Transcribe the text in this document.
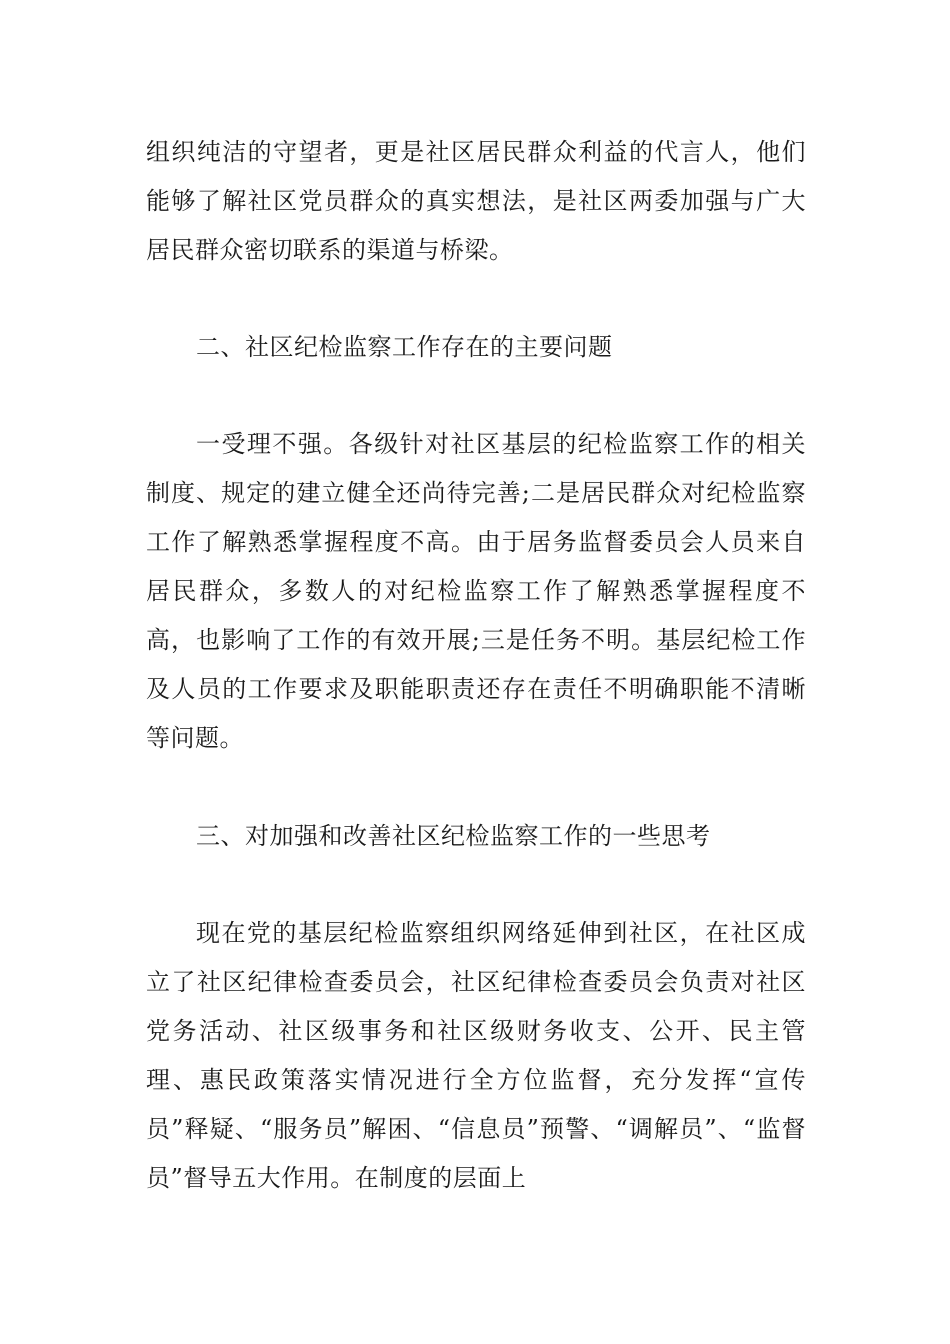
组织纯洁的守望者，更是社区居民群众利益的代言人，他们能够了解社区党员群众的真实想法，是社区两委加强与广大居民群众密切联系的渠道与桥梁。

二、社区纪检监察工作存在的主要问题

一受理不强。各级针对社区基层的纪检监察工作的相关制度、规定的建立健全还尚待完善;二是居民群众对纪检监察工作了解熟悉掌握程度不高。由于居务监督委员会人员来自居民群众，多数人的对纪检监察工作了解熟悉掌握程度不高，也影响了工作的有效开展;三是任务不明。基层纪检工作及人员的工作要求及职能职责还存在责任不明确职能不清晰等问题。

三、对加强和改善社区纪检监察工作的一些思考

现在党的基层纪检监察组织网络延伸到社区，在社区成立了社区纪律检查委员会，社区纪律检查委员会负责对社区党务活动、社区级事务和社区级财务收支、公开、民主管理、惠民政策落实情况进行全方位监督，充分发挥“宣传员”释疑、“服务员”解困、“信息员”预警、“调解员”、“监督员”督导五大作用。在制度的层面上
